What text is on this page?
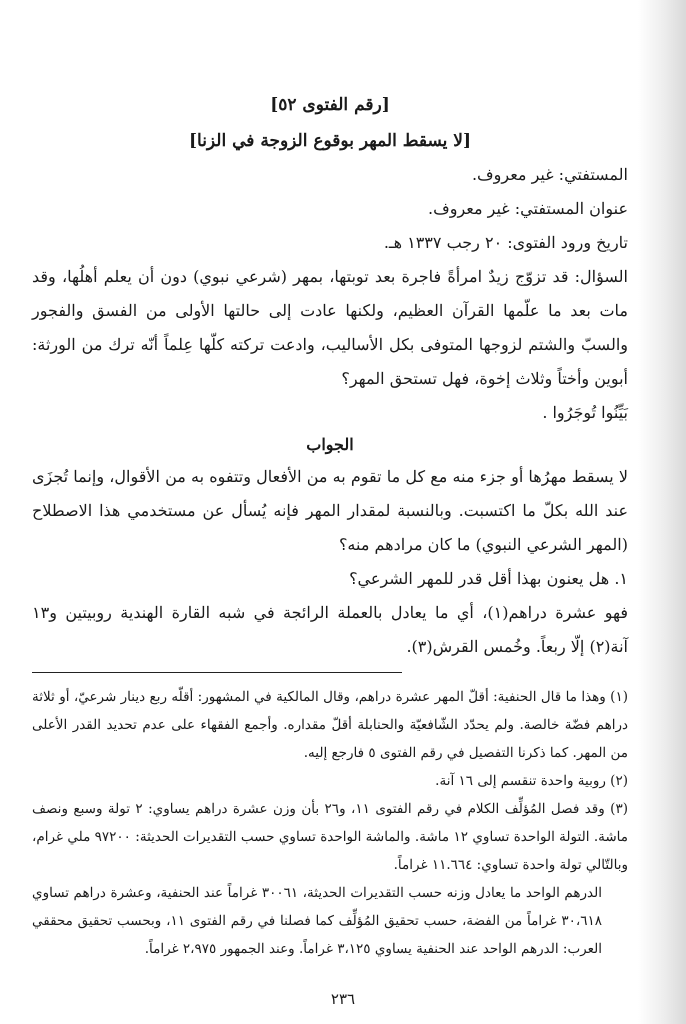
[رقم الفتوى ٥٢]

[لا يسقط المهر بوقوع الزوجة في الزنا]

المستفتي: غير معروف.

عنوان المستفتي: غير معروف.

تاريخ ورود الفتوى: ٢٠ رجب ١٣٣٧ هـ.

السؤال: قد تزوّج زيدٌ امرأةً فاجرة بعد توبتها، بمهر (شرعي نبوي) دون أن يعلم أهلُها، وقد مات بعد ما علّمها القرآن العظيم، ولكنها عادت إلى حالتها الأولى من الفسق والفجور والسبّ والشتم لزوجها المتوفى بكل الأساليب، وادعت تركته كلّها عِلماً أنّه ترك من الورثة: أبوين وأختاً وثلاث إخوة، فهل تستحق المهر؟

بَيِّنُوا تُوجَرُوا .

الجواب

لا يسقط مهرُها أو جزء منه مع كل ما تقوم به من الأفعال وتتفوه به من الأقوال، وإنما تُجزَى عند الله بكلّ ما اكتسبت. وبالنسبة لمقدار المهر فإنه يُسأل عن مستخدمي هذا الاصطلاح (المهر الشرعي النبوي) ما كان مرادهم منه؟

١. هل يعنون بهذا أقل قدر للمهر الشرعي؟

فهو عشرة دراهم(١)، أي ما يعادل بالعملة الرائجة في شبه القارة الهندية روبيتين و١٣ آنة(٢) إلّا ربعاً. وخُمس القرش(٣).

(١) وهذا ما قال الحنفية: أقلّ المهر عشرة دراهم، وقال المالكية في المشهور: أقلّه ربع دينار شرعيّ، أو ثلاثة دراهم فضّة خالصة. ولم يحدّد الشّافعيّة والحنابلة أقلّ مقداره. وأجمع الفقهاء على عدم تحديد القدر الأعلى من المهر. كما ذكرنا التفصيل في رقم الفتوى ٥ فارجع إليه.

(٢) روبية واحدة تنقسم إلى ١٦ آنة.

(٣) وقد فصل المُؤلِّف الكلام في رقم الفتوى ١١، و٢٦ بأن وزن عشرة دراهم يساوي: ٢ تولة وسبع ونصف ماشة. التولة الواحدة تساوي ١٢ ماشة. والماشة الواحدة تساوي حسب التقديرات الحديثة: ٩٧٢٠٠ ملي غرام، وبالتّالي تولة واحدة تساوي: ١١.٦٦٤ غراماً.

الدرهم الواحد ما يعادل وزنه حسب التقديرات الحديثة، ٣٠٠٦١ غراماً عند الحنفية، وعشرة دراهم تساوي ٣٠،٦١٨ غراماً من الفضة، حسب تحقيق المُؤلِّف كما فصلنا في رقم الفتوى ١١، وبحسب تحقيق محققي العرب: الدرهم الواحد عند الحنفية يساوي ٣،١٢٥ غراماً. وعند الجمهور ٢،٩٧٥ غراماً.

٢٣٦
